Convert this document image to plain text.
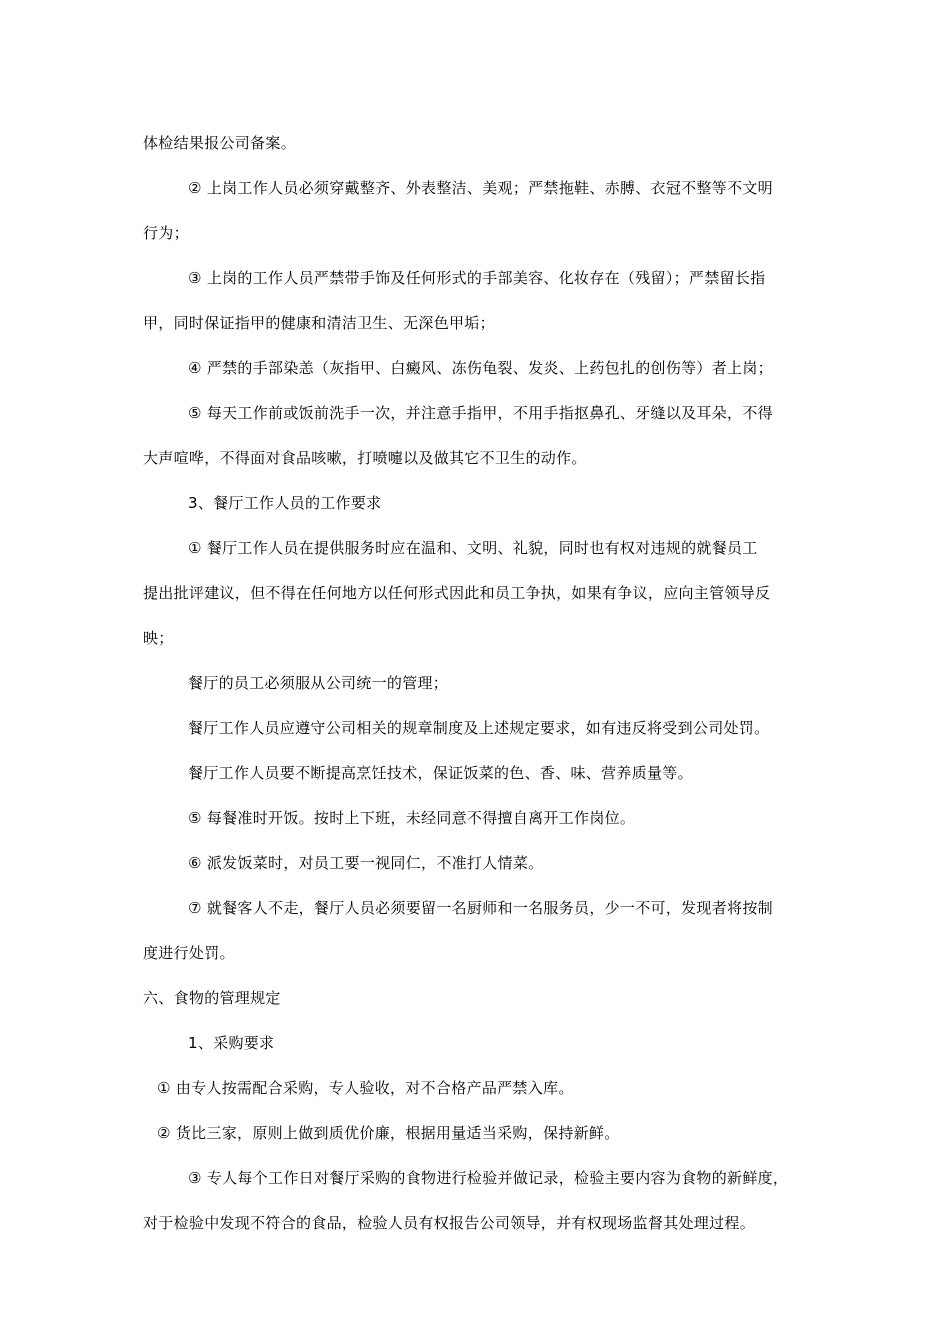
体检结果报公司备案。
② 上岗工作人员必须穿戴整齐、外表整洁、美观；严禁拖鞋、赤膊、衣冠不整等不文明
行为；
③ 上岗的工作人员严禁带手饰及任何形式的手部美容、化妆存在（残留）；严禁留长指
甲，同时保证指甲的健康和清洁卫生、无深色甲垢；
④ 严禁的手部染恙（灰指甲、白癜风、冻伤龟裂、发炎、上药包扎的创伤等）者上岗；
⑤ 每天工作前或饭前洗手一次，并注意手指甲，不用手指抠鼻孔、牙缝以及耳朵，不得
大声喧哗，不得面对食品咳嗽，打喷嚏以及做其它不卫生的动作。
3、餐厅工作人员的工作要求
① 餐厅工作人员在提供服务时应在温和、文明、礼貌，同时也有权对违规的就餐员工
提出批评建议，但不得在任何地方以任何形式因此和员工争执，如果有争议，应向主管领导反
映；
餐厅的员工必须服从公司统一的管理；
餐厅工作人员应遵守公司相关的规章制度及上述规定要求，如有违反将受到公司处罚。
餐厅工作人员要不断提高烹饪技术，保证饭菜的色、香、味、营养质量等。
⑤ 每餐准时开饭。按时上下班，未经同意不得擅自离开工作岗位。
⑥ 派发饭菜时，对员工要一视同仁，不准打人情菜。
⑦ 就餐客人不走，餐厅人员必须要留一名厨师和一名服务员，少一不可，发现者将按制
度进行处罚。
六、食物的管理规定
1、采购要求
① 由专人按需配合采购，专人验收，对不合格产品严禁入库。
② 货比三家，原则上做到质优价廉，根据用量适当采购，保持新鲜。
③ 专人每个工作日对餐厅采购的食物进行检验并做记录，检验主要内容为食物的新鲜度，
对于检验中发现不符合的食品，检验人员有权报告公司领导，并有权现场监督其处理过程。
